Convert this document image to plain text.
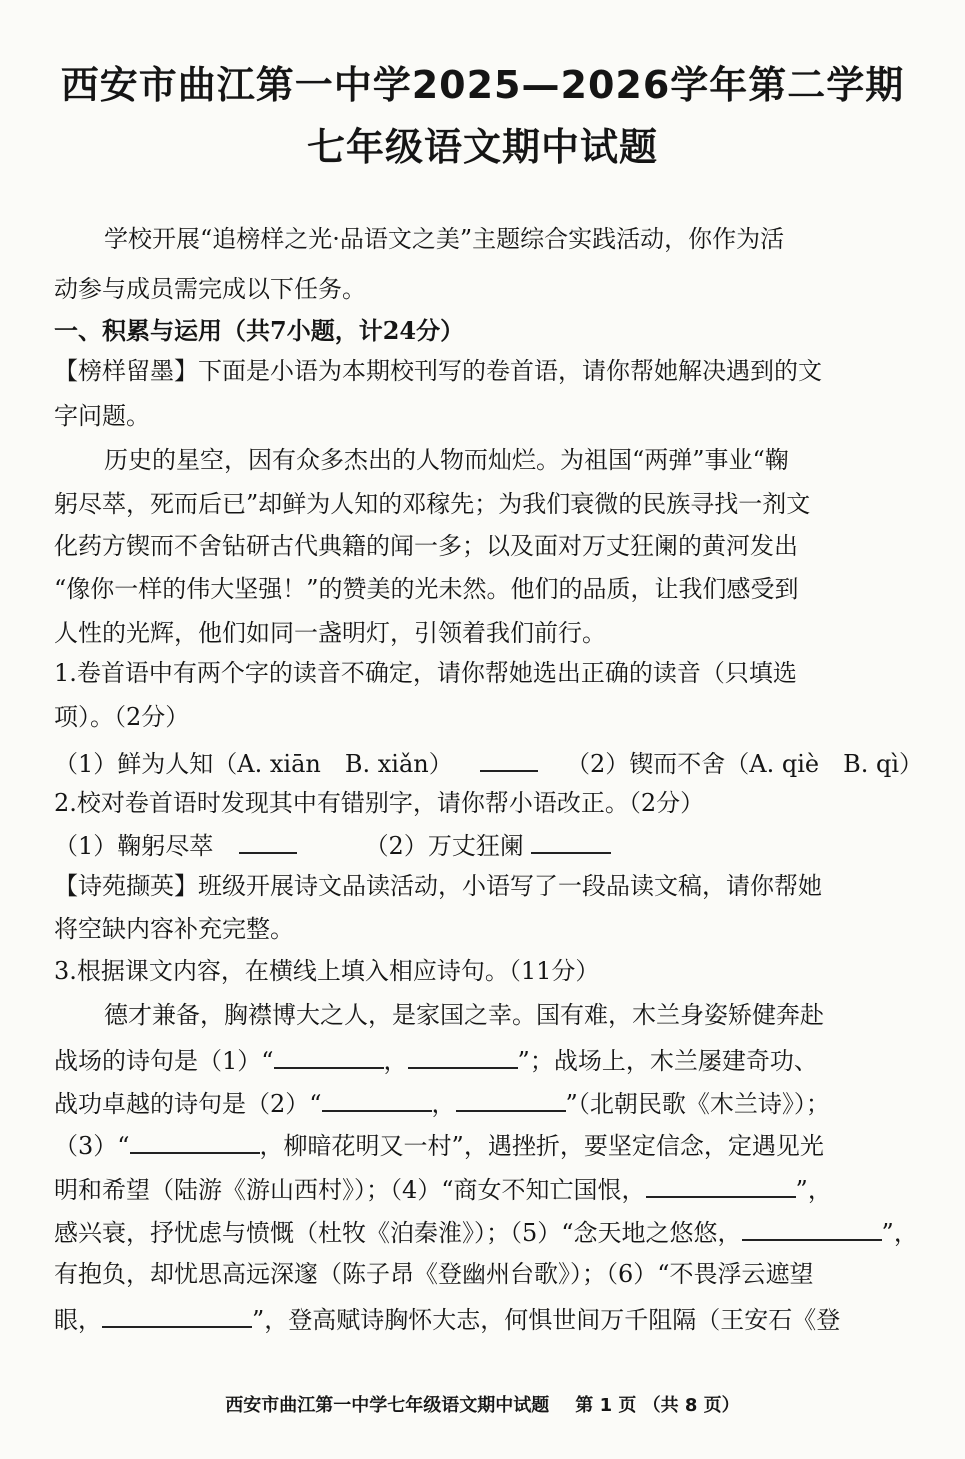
西安市曲江第一中学2025—2026学年第二学期
七年级语文期中试题
学校开展“追榜样之光·品语文之美”主题综合实践活动，你作为活
动参与成员需完成以下任务。
一、积累与运用（共7小题，计24分）
【榜样留墨】下面是小语为本期校刊写的卷首语，请你帮她解决遇到的文
字问题。
历史的星空，因有众多杰出的人物而灿烂。为祖国“两弹”事业“鞠
躬尽萃，死而后已”却鲜为人知的邓稼先；为我们衰微的民族寻找一剂文
化药方锲而不舍钻研古代典籍的闻一多；以及面对万丈狂阑的黄河发出
“像你一样的伟大坚强！”的赞美的光未然。他们的品质，让我们感受到
人性的光辉，他们如同一盏明灯，引领着我们前行。
1.卷首语中有两个字的读音不确定，请你帮她选出正确的读音（只填选
项）。（2分）
（1）鲜为人知（A. xiān　B. xiǎn）	（2）锲而不舍（A. qiè　B. qì）
2.校对卷首语时发现其中有错别字，请你帮小语改正。（2分）
（1）鞠躬尽萃	（2）万丈狂阑
【诗苑撷英】班级开展诗文品读活动，小语写了一段品读文稿，请你帮她
将空缺内容补充完整。
3.根据课文内容，在横线上填入相应诗句。（11分）
德才兼备，胸襟博大之人，是家国之幸。国有难，木兰身姿矫健奔赴
战场的诗句是（1）“	，	”；战场上，木兰屡建奇功、
战功卓越的诗句是（2）“	，	”（北朝民歌《木兰诗》）；
（3）“	，柳暗花明又一村”，遇挫折，要坚定信念，定遇见光
明和希望（陆游《游山西村》）；（4）“商女不知亡国恨，	”，
感兴衰，抒忧虑与愤慨（杜牧《泊秦淮》）；（5）“念天地之悠悠，	”，
有抱负，却忧思高远深邃（陈子昂《登幽州台歌》）；（6）“不畏浮云遮望
眼，	”，登高赋诗胸怀大志，何惧世间万千阻隔（王安石《登
西安市曲江第一中学七年级语文期中试题 第 1 页 （共 8 页）
